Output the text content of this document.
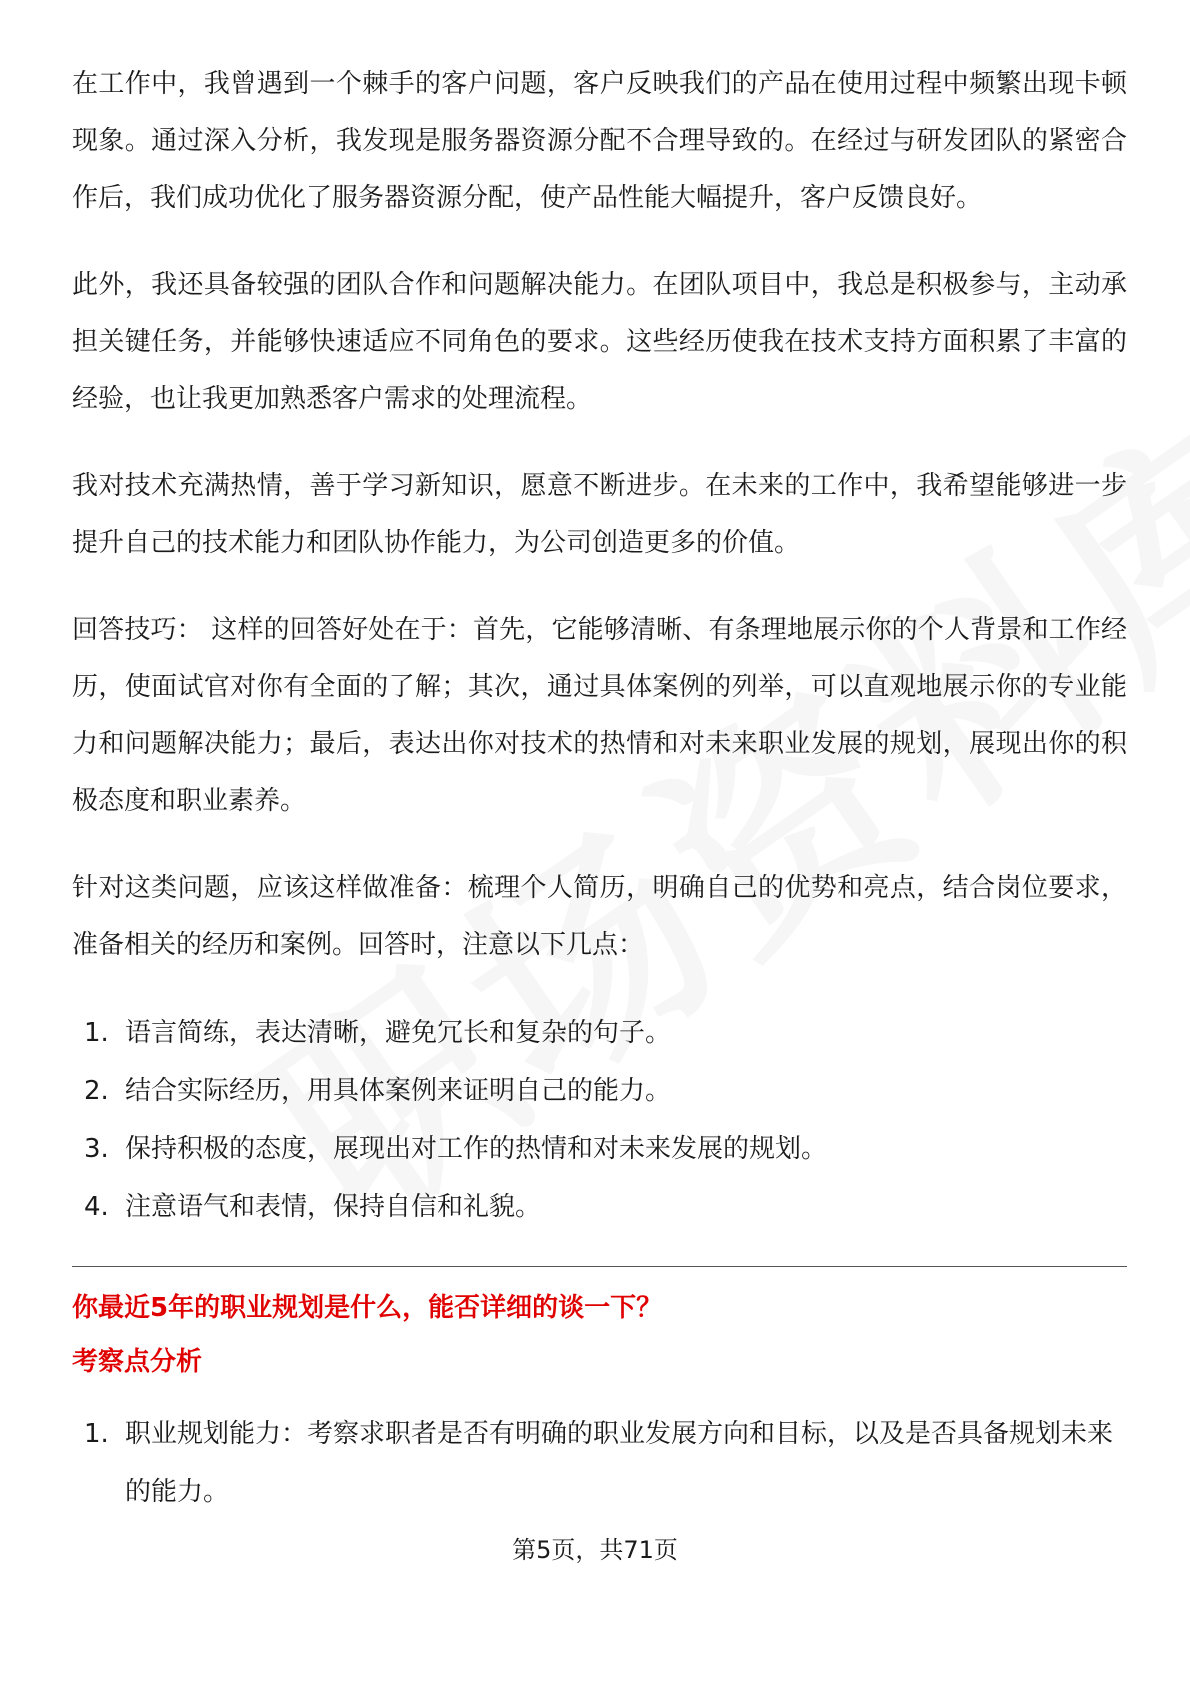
在工作中，我曾遇到一个棘手的客户问题，客户反映我们的产品在使用过程中频繁出现卡顿现象。通过深入分析，我发现是服务器资源分配不合理导致的。在经过与研发团队的紧密合作后，我们成功优化了服务器资源分配，使产品性能大幅提升，客户反馈良好。

此外，我还具备较强的团队合作和问题解决能力。在团队项目中，我总是积极参与，主动承担关键任务，并能够快速适应不同角色的要求。这些经历使我在技术支持方面积累了丰富的经验，也让我更加熟悉客户需求的处理流程。

我对技术充满热情，善于学习新知识，愿意不断进步。在未来的工作中，我希望能够进一步提升自己的技术能力和团队协作能力，为公司创造更多的价值。

回答技巧： 这样的回答好处在于：首先，它能够清晰、有条理地展示你的个人背景和工作经历，使面试官对你有全面的了解；其次，通过具体案例的列举，可以直观地展示你的专业能力和问题解决能力；最后，表达出你对技术的热情和对未来职业发展的规划，展现出你的积极态度和职业素养。

针对这类问题，应该这样做准备：梳理个人简历，明确自己的优势和亮点，结合岗位要求，准备相关的经历和案例。回答时，注意以下几点：

1. 语言简练，表达清晰，避免冗长和复杂的句子。
2. 结合实际经历，用具体案例来证明自己的能力。
3. 保持积极的态度，展现出对工作的热情和对未来发展的规划。
4. 注意语气和表情，保持自信和礼貌。

你最近5年的职业规划是什么，能否详细的谈一下？

考察点分析

1. 职业规划能力：考察求职者是否有明确的职业发展方向和目标，以及是否具备规划未来的能力。
第5页，共71页
